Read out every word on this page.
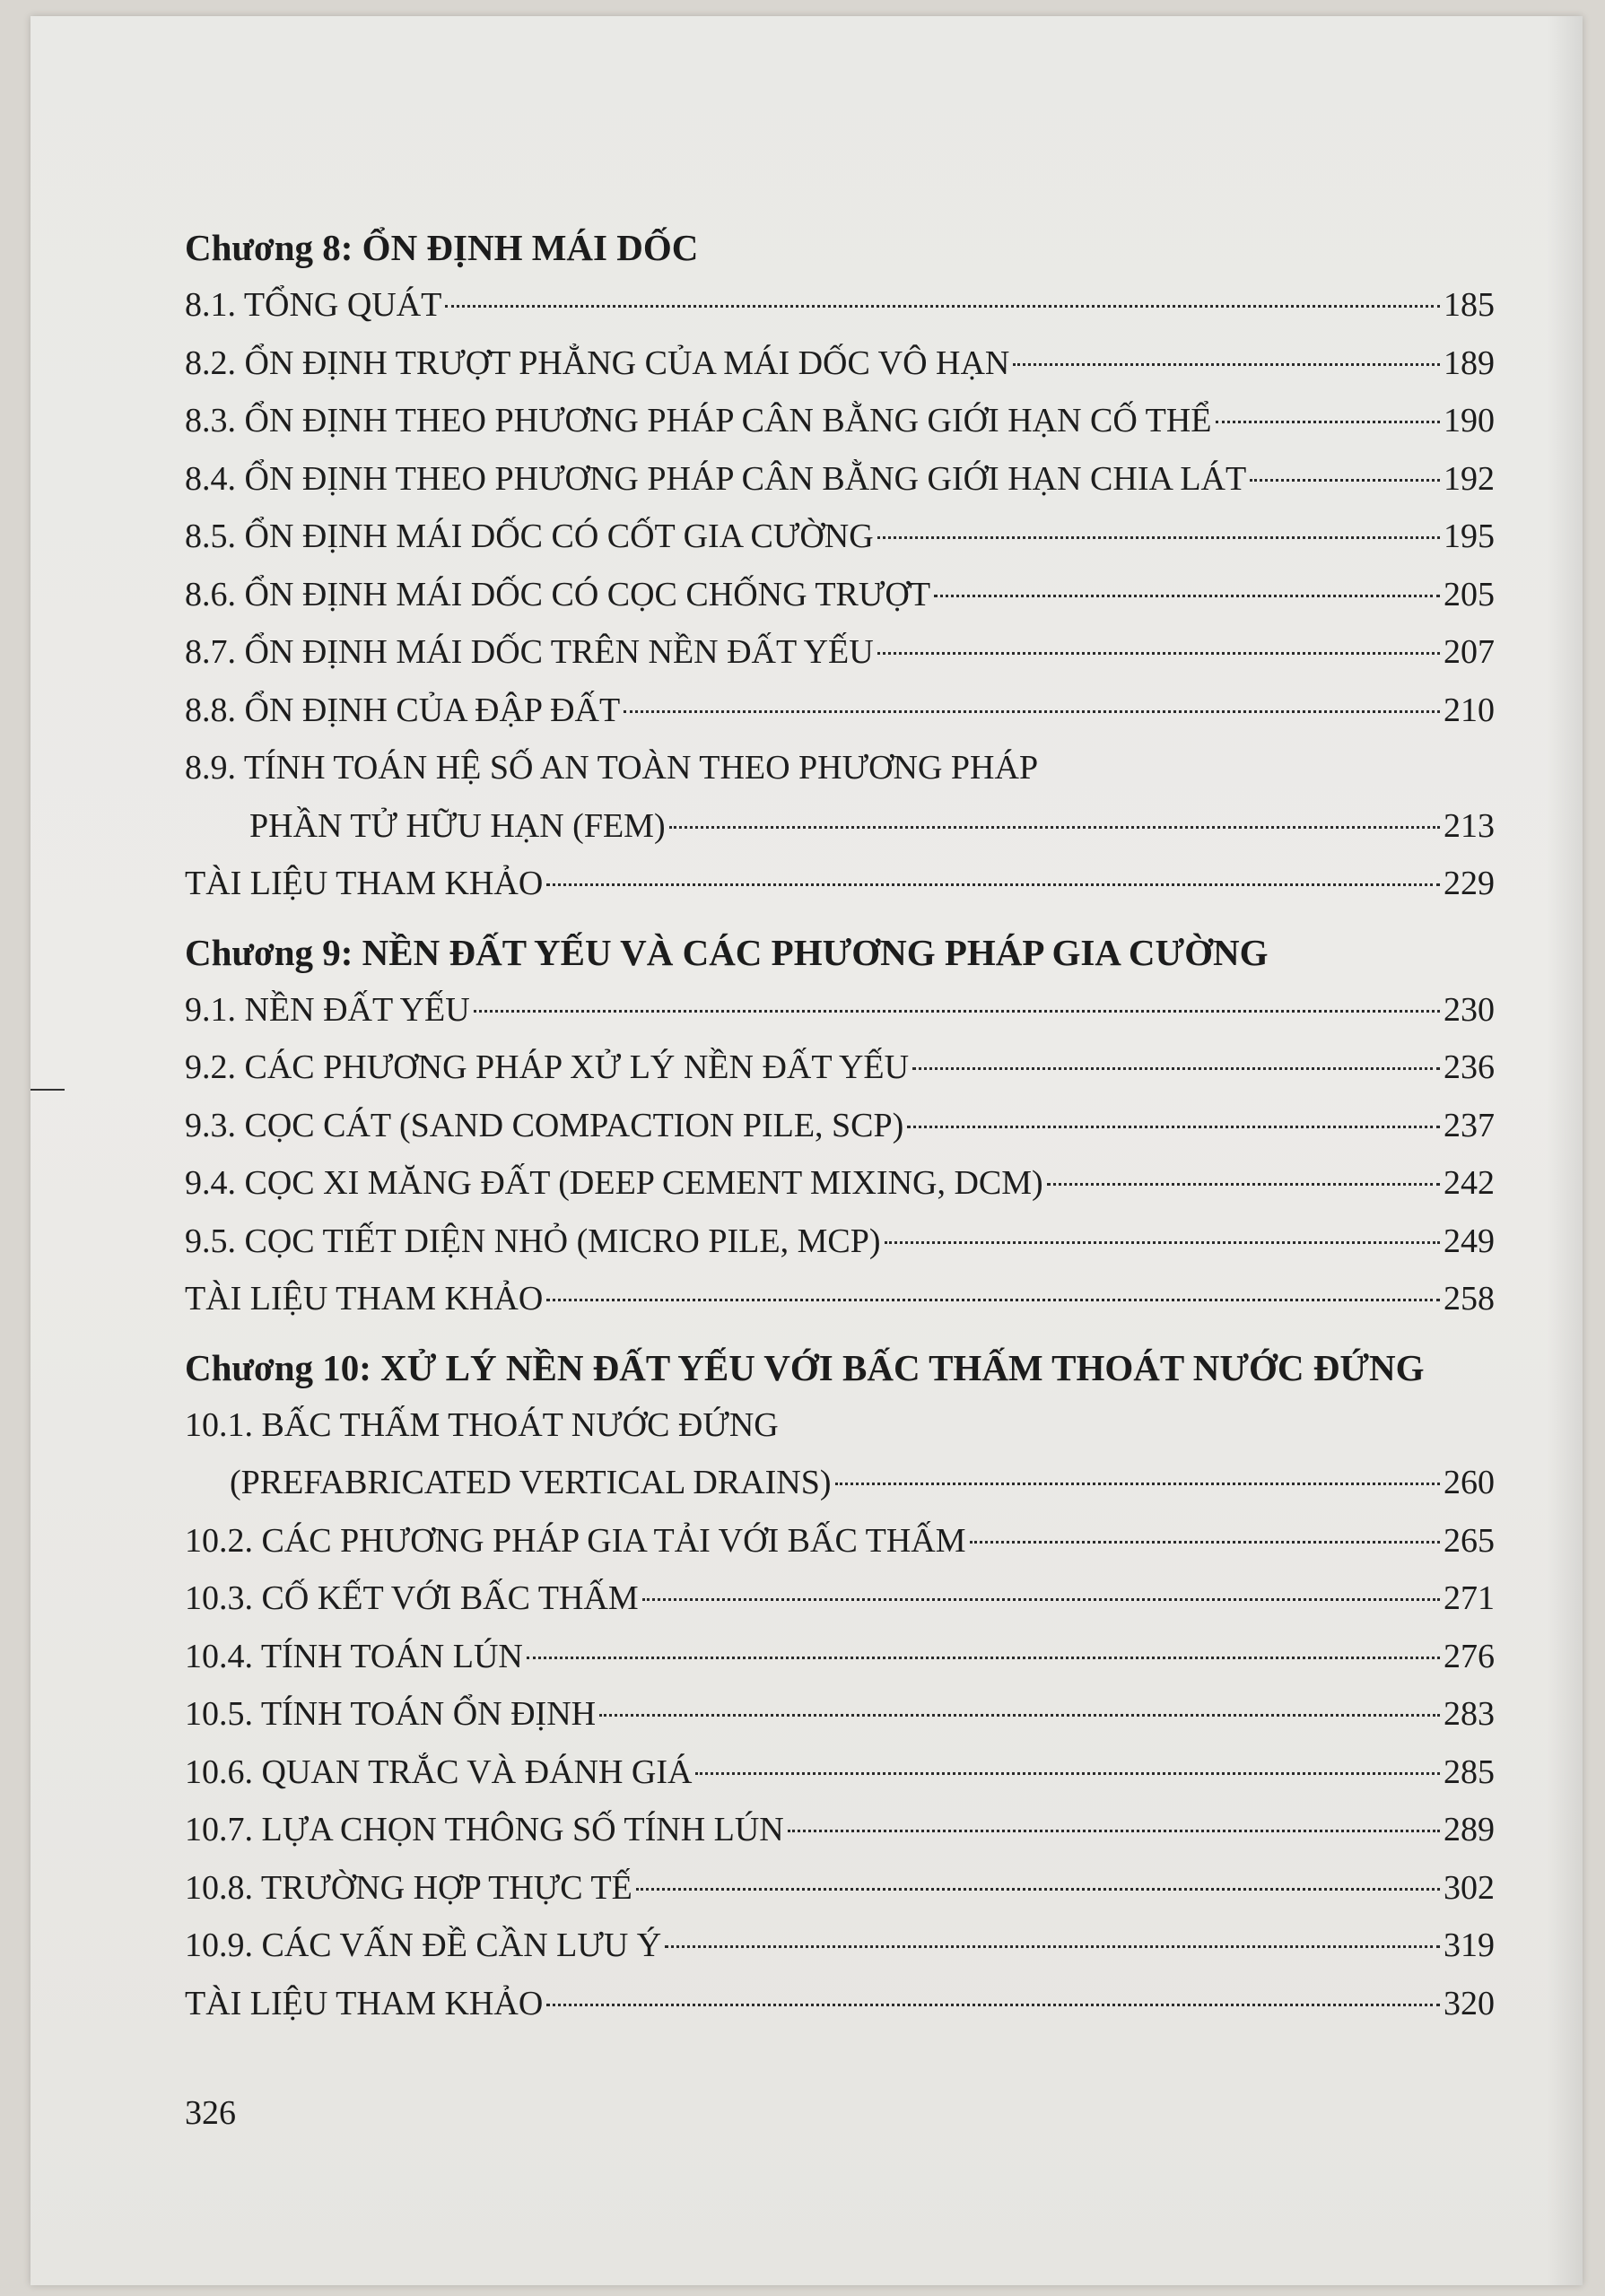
Chương 8: ỔN ĐỊNH MÁI DỐC
8.1. TỔNG QUÁT	185
8.2. ỔN ĐỊNH TRƯỢT PHẲNG CỦA MÁI DỐC VÔ HẠN	189
8.3. ỔN ĐỊNH THEO PHƯƠNG PHÁP CÂN BẰNG GIỚI HẠN CỐ THỂ	190
8.4. ỔN ĐỊNH THEO PHƯƠNG PHÁP CÂN BẰNG GIỚI HẠN CHIA LÁT	192
8.5. ỔN ĐỊNH MÁI DỐC CÓ CỐT GIA CƯỜNG	195
8.6. ỔN ĐỊNH MÁI DỐC CÓ CỌC CHỐNG TRƯỢT	205
8.7. ỔN ĐỊNH MÁI DỐC TRÊN NỀN ĐẤT YẾU	207
8.8. ỔN ĐỊNH CỦA ĐẬP ĐẤT	210
8.9. TÍNH TOÁN HỆ SỐ AN TOÀN THEO PHƯƠNG PHÁP
PHẦN TỬ HỮU HẠN (FEM)	213
TÀI LIỆU THAM KHẢO	229
Chương 9: NỀN ĐẤT YẾU VÀ CÁC PHƯƠNG PHÁP GIA CƯỜNG
9.1. NỀN ĐẤT YẾU	230
9.2. CÁC PHƯƠNG PHÁP XỬ LÝ NỀN ĐẤT YẾU	236
9.3. CỌC CÁT (SAND COMPACTION PILE, SCP)	237
9.4. CỌC XI MĂNG ĐẤT (DEEP CEMENT MIXING, DCM)	242
9.5. CỌC TIẾT DIỆN NHỎ (MICRO PILE, MCP)	249
TÀI LIỆU THAM KHẢO	258
Chương 10: XỬ LÝ NỀN ĐẤT YẾU VỚI BẤC THẤM THOÁT NƯỚC ĐỨNG
10.1. BẤC THẤM THOÁT NƯỚC ĐỨNG
(PREFABRICATED VERTICAL DRAINS)	260
10.2. CÁC PHƯƠNG PHÁP GIA TẢI VỚI BẤC THẤM	265
10.3. CỐ KẾT VỚI BẤC THẤM	271
10.4. TÍNH TOÁN LÚN	276
10.5. TÍNH TOÁN ỔN ĐỊNH	283
10.6. QUAN TRẮC VÀ ĐÁNH GIÁ	285
10.7. LỰA CHỌN THÔNG SỐ TÍNH LÚN	289
10.8. TRƯỜNG HỢP THỰC TẾ	302
10.9. CÁC VẤN ĐỀ CẦN LƯU Ý	319
TÀI LIỆU THAM KHẢO	320
326
